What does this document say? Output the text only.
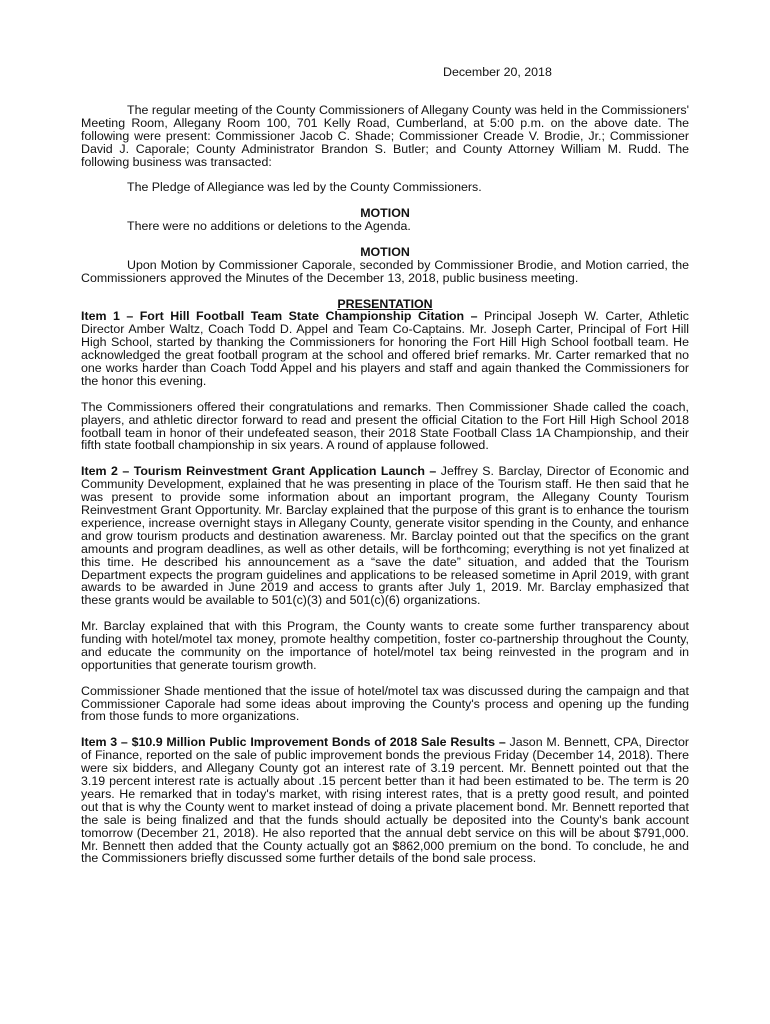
December 20, 2018

The regular meeting of the County Commissioners of Allegany County was held in the Commissioners' Meeting Room, Allegany Room 100, 701 Kelly Road, Cumberland, at 5:00 p.m. on the above date. The following were present: Commissioner Jacob C. Shade; Commissioner Creade V. Brodie, Jr.; Commissioner David J. Caporale; County Administrator Brandon S. Butler; and County Attorney William M. Rudd. The following business was transacted:

The Pledge of Allegiance was led by the County Commissioners.

MOTION

There were no additions or deletions to the Agenda.

MOTION

Upon Motion by Commissioner Caporale, seconded by Commissioner Brodie, and Motion carried, the Commissioners approved the Minutes of the December 13, 2018, public business meeting.

PRESENTATION

Item 1 – Fort Hill Football Team State Championship Citation – Principal Joseph W. Carter, Athletic Director Amber Waltz, Coach Todd D. Appel and Team Co-Captains. Mr. Joseph Carter, Principal of Fort Hill High School, started by thanking the Commissioners for honoring the Fort Hill High School football team. He acknowledged the great football program at the school and offered brief remarks. Mr. Carter remarked that no one works harder than Coach Todd Appel and his players and staff and again thanked the Commissioners for the honor this evening.

The Commissioners offered their congratulations and remarks. Then Commissioner Shade called the coach, players, and athletic director forward to read and present the official Citation to the Fort Hill High School 2018 football team in honor of their undefeated season, their 2018 State Football Class 1A Championship, and their fifth state football championship in six years. A round of applause followed.

Item 2 – Tourism Reinvestment Grant Application Launch – Jeffrey S. Barclay, Director of Economic and Community Development, explained that he was presenting in place of the Tourism staff. He then said that he was present to provide some information about an important program, the Allegany County Tourism Reinvestment Grant Opportunity. Mr. Barclay explained that the purpose of this grant is to enhance the tourism experience, increase overnight stays in Allegany County, generate visitor spending in the County, and enhance and grow tourism products and destination awareness. Mr. Barclay pointed out that the specifics on the grant amounts and program deadlines, as well as other details, will be forthcoming; everything is not yet finalized at this time. He described his announcement as a “save the date” situation, and added that the Tourism Department expects the program guidelines and applications to be released sometime in April 2019, with grant awards to be awarded in June 2019 and access to grants after July 1, 2019. Mr. Barclay emphasized that these grants would be available to 501(c)(3) and 501(c)(6) organizations.

Mr. Barclay explained that with this Program, the County wants to create some further transparency about funding with hotel/motel tax money, promote healthy competition, foster co-partnership throughout the County, and educate the community on the importance of hotel/motel tax being reinvested in the program and in opportunities that generate tourism growth.

Commissioner Shade mentioned that the issue of hotel/motel tax was discussed during the campaign and that Commissioner Caporale had some ideas about improving the County's process and opening up the funding from those funds to more organizations.

Item 3 – $10.9 Million Public Improvement Bonds of 2018 Sale Results – Jason M. Bennett, CPA, Director of Finance, reported on the sale of public improvement bonds the previous Friday (December 14, 2018). There were six bidders, and Allegany County got an interest rate of 3.19 percent. Mr. Bennett pointed out that the 3.19 percent interest rate is actually about .15 percent better than it had been estimated to be. The term is 20 years. He remarked that in today's market, with rising interest rates, that is a pretty good result, and pointed out that is why the County went to market instead of doing a private placement bond. Mr. Bennett reported that the sale is being finalized and that the funds should actually be deposited into the County's bank account tomorrow (December 21, 2018). He also reported that the annual debt service on this will be about $791,000. Mr. Bennett then added that the County actually got an $862,000 premium on the bond. To conclude, he and the Commissioners briefly discussed some further details of the bond sale process.
